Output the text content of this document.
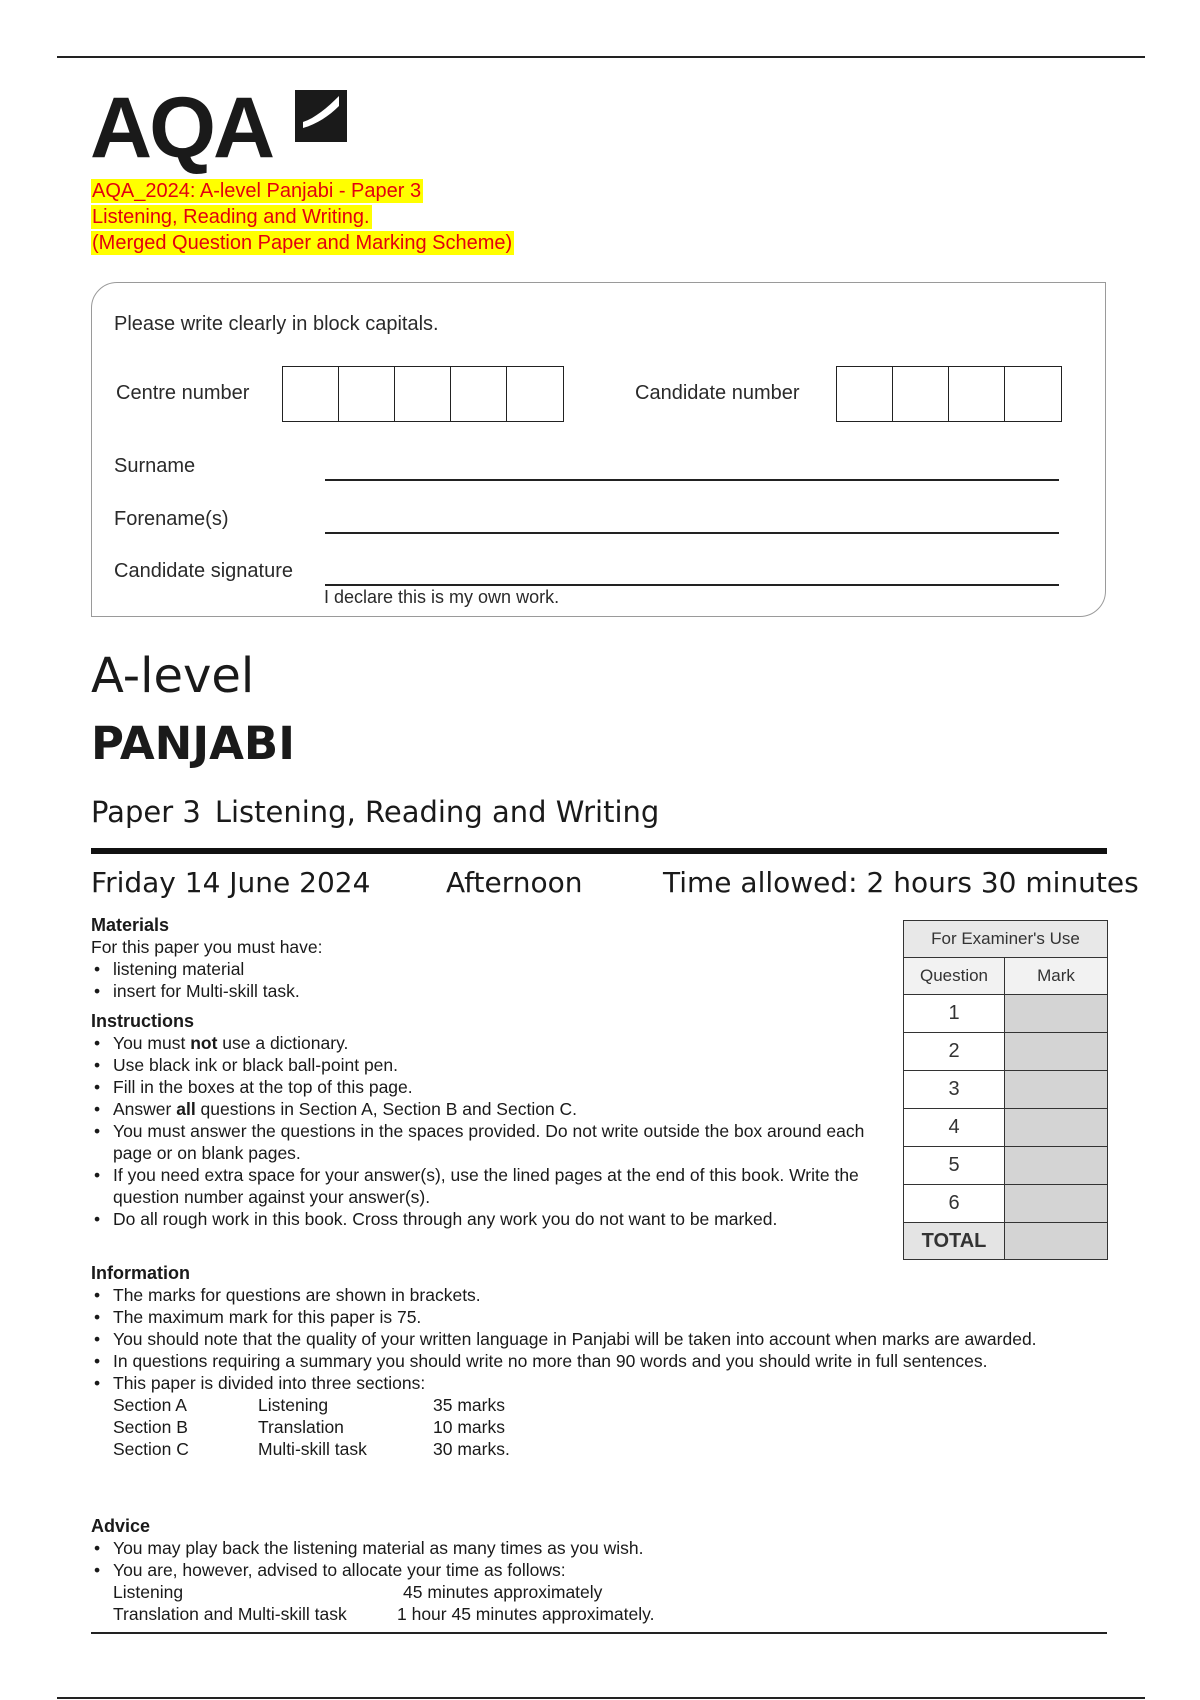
AQA
AQA_2024: A-level Panjabi - Paper 3
Listening, Reading and Writing.
(Merged Question Paper and Marking Scheme)
Please write clearly in block capitals.
Centre number	Candidate number
Surname
Forename(s)
Candidate signature
I declare this is my own work.
A-level
PANJABI
Paper 3 Listening, Reading and Writing
Friday 14 June 2024	Afternoon	Time allowed: 2 hours 30 minutes
Materials

For this paper you must have:

• listening material
• insert for Multi-skill task.
Instructions
• You must not use a dictionary.
• Use black ink or black ball-point pen.
• Fill in the boxes at the top of this page.
• Answer all questions in Section A, Section B and Section C.
• You must answer the questions in the spaces provided. Do not write outside the box around each page or on blank pages.
• If you need extra space for your answer(s), use the lined pages at the end of this book. Write the question number against your answer(s).
• Do all rough work in this book. Cross through any work you do not want to be marked.
For Examiner's Use	
Question	Mark
1	
2	
3	
4	
5	
6	
TOTAL	
Information
• The marks for questions are shown in brackets.
• The maximum mark for this paper is 75.
• You should note that the quality of your written language in Panjabi will be taken into account when marks are awarded.
• In questions requiring a summary you should write no more than 90 words and you should write in full sentences.
• This paper is divided into three sections:
Section A	Listening	35 marks
Section B	Translation	10 marks
Section C	Multi-skill task	30 marks.
Advice
• You may play back the listening material as many times as you wish.
• You are, however, advised to allocate your time as follows:
Listening	45 minutes approximately
Translation and Multi-skill task	1 hour 45 minutes approximately.
